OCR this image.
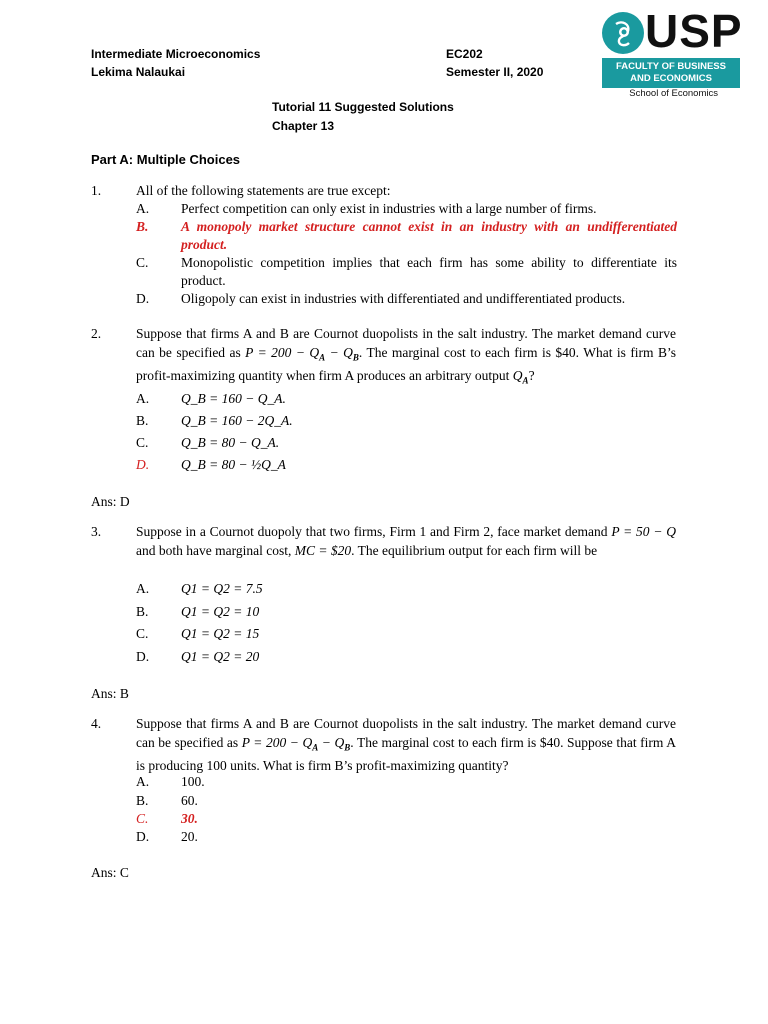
Intermediate Microeconomics
Lekima Nalaukai
EC202
Semester II, 2020
USP
FACULTY OF BUSINESS
AND ECONOMICS
School of Economics
Tutorial 11 Suggested Solutions
Chapter 13
Part A: Multiple Choices
1.	All of the following statements are true except:
A. Perfect competition can only exist in industries with a large number of firms.
B. A monopoly market structure cannot exist in an industry with an undifferentiated product.
C. Monopolistic competition implies that each firm has some ability to differentiate its product.
D. Oligopoly can exist in industries with differentiated and undifferentiated products.
2.	Suppose that firms A and B are Cournot duopolists in the salt industry. The market demand curve can be specified as $P = 200 - Q_A - Q_B$. The marginal cost to each firm is $40. What is firm B’s profit-maximizing quantity when firm A produces an arbitrary output $Q_A$?
A. Q_B = 160 − Q_A.
B. Q_B = 160 − 2Q_A.
C. Q_B = 80 − Q_A.
D. Q_B = 80 − ½Q_A
Ans: D
3.	Suppose in a Cournot duopoly that two firms, Firm 1 and Firm 2, face market demand P = 50 − Q and both have marginal cost, MC = $20. The equilibrium output for each firm will be
A. Q1 = Q2 = 7.5
B. Q1 = Q2 = 10
C. Q1 = Q2 = 15
D. Q1 = Q2 = 20
Ans: B
4.	Suppose that firms A and B are Cournot duopolists in the salt industry. The market demand curve can be specified as $P = 200 - Q_A - Q_B$. The marginal cost to each firm is $40. Suppose that firm A is producing 100 units. What is firm B’s profit-maximizing quantity?
A. 100.
B. 60.
C. 30.
D. 20.
Ans: C
